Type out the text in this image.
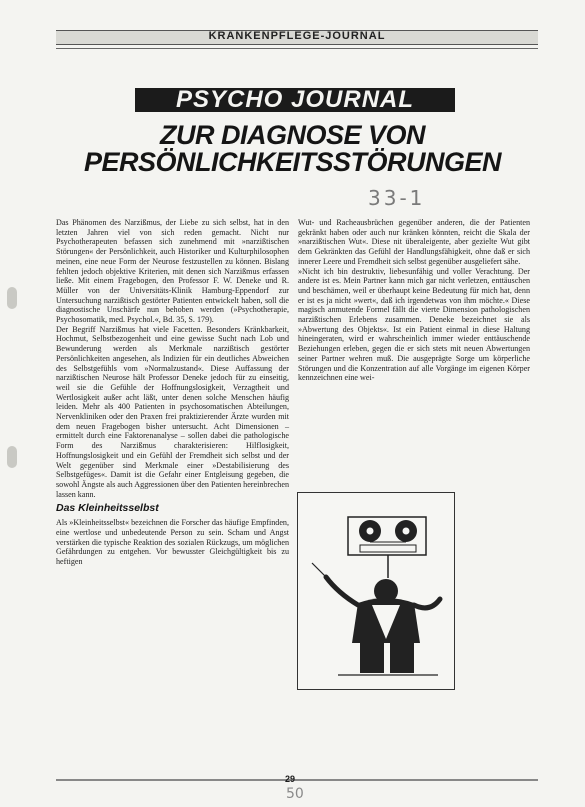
KRANKENPFLEGE-JOURNAL
PSYCHO JOURNAL
ZUR DIAGNOSE VON
PERSÖNLICHKEITSSTÖRUNGEN
33-1

Das Phänomen des Narzißmus, der Liebe zu sich selbst, hat in den letzten Jahren viel von sich reden gemacht. Nicht nur Psychotherapeuten befassen sich zunehmend mit »narzißtischen Störungen« der Persönlichkeit, auch Historiker und Kulturphilosophen meinen, eine neue Form der Neurose festzustellen zu können. Bislang fehlten jedoch objektive Kriterien, mit denen sich Narzißmus erfassen ließe. Mit einem Fragebogen, den Professor F. W. Deneke und R. Müller von der Universitäts-Klinik Hamburg-Eppendorf zur Untersuchung narzißtisch gestörter Patienten entwickelt haben, soll die diagnostische Unschärfe nun behoben werden (»Psychotherapie, Psychosomatik, med. Psychol.«, Bd. 35, S. 179).

Der Begriff Narzißmus hat viele Facetten. Besonders Kränkbarkeit, Hochmut, Selbstbezogenheit und eine gewisse Sucht nach Lob und Bewunderung werden als Merkmale narzißtisch gestörter Persönlichkeiten angesehen, als Indizien für ein deutliches Abweichen des Selbstgefühls vom »Normalzustand«. Diese Auffassung der narzißtischen Neurose hält Professor Deneke jedoch für zu einseitig, weil sie die Gefühle der Hoffnungslosigkeit, Verzagtheit und Wertlosigkeit außer acht läßt, unter denen solche Menschen häufig leiden. Mehr als 400 Patienten in psychosomatischen Abteilungen, Nervenkliniken oder den Praxen frei praktizierender Ärzte wurden mit dem neuen Fragebogen bisher untersucht. Acht Dimensionen – ermittelt durch eine Faktorenanalyse – sollen dabei die pathologische Form des Narzißmus charakterisieren: Hilflosigkeit, Hoffnungslosigkeit und ein Gefühl der Fremdheit sich selbst und der Welt gegenüber sind Merkmale einer »Destabilisierung des Selbstgefüges«. Damit ist die Gefahr einer Entgleisung gegeben, die sowohl Ängste als auch Aggressionen über den Patienten hereinbrechen lassen kann.

Das Kleinheitsselbst

Als »Kleinheitsselbst« bezeichnen die Forscher das häufige Empfinden, eine wertlose und unbedeutende Person zu sein. Scham und Angst verstärken die typische Reaktion des sozialen Rückzugs, um möglichen Gefährdungen zu entgehen. Vor bewusster Gleichgültigkeit bis zu heftigen

Wut- und Racheausbrüchen gegenüber anderen, die der Patienten gekränkt haben oder auch nur kränken könnten, reicht die Skala der »narzißtischen Wut«. Diese nit überaleigente, aber gezielte Wut gibt dem Gekränkten das Gefühl der Handlungsfähigkeit, ohne daß er sich innerer Leere und Fremdheit sich selbst gegenüber ausgeliefert sähe.

»Nicht ich bin destruktiv, liebesunfähig und voller Verachtung. Der andere ist es. Mein Partner kann mich gar nicht verletzen, enttäuschen und beschämen, weil er überhaupt keine Bedeutung für mich hat, denn er ist es ja nicht »wert«, daß ich irgendetwas von ihm möchte.« Diese magisch anmutende Formel fällt die vierte Dimension pathologischen narzißtischen Erlebens zusammen. Deneke bezeichnet sie als »Abwertung des Objekts«. Ist ein Patient einmal in diese Haltung hineingeraten, wird er wahrscheinlich immer wieder enttäuschende Beziehungen erleben, gegen die er sich stets mit neuen Abwertungen seiner Partner wehren muß. Die ausgeprägte Sorge um körperliche Störungen und die Konzentration auf alle Vorgänge im eigenen Körper kennzeichnen eine wei-

29
50
